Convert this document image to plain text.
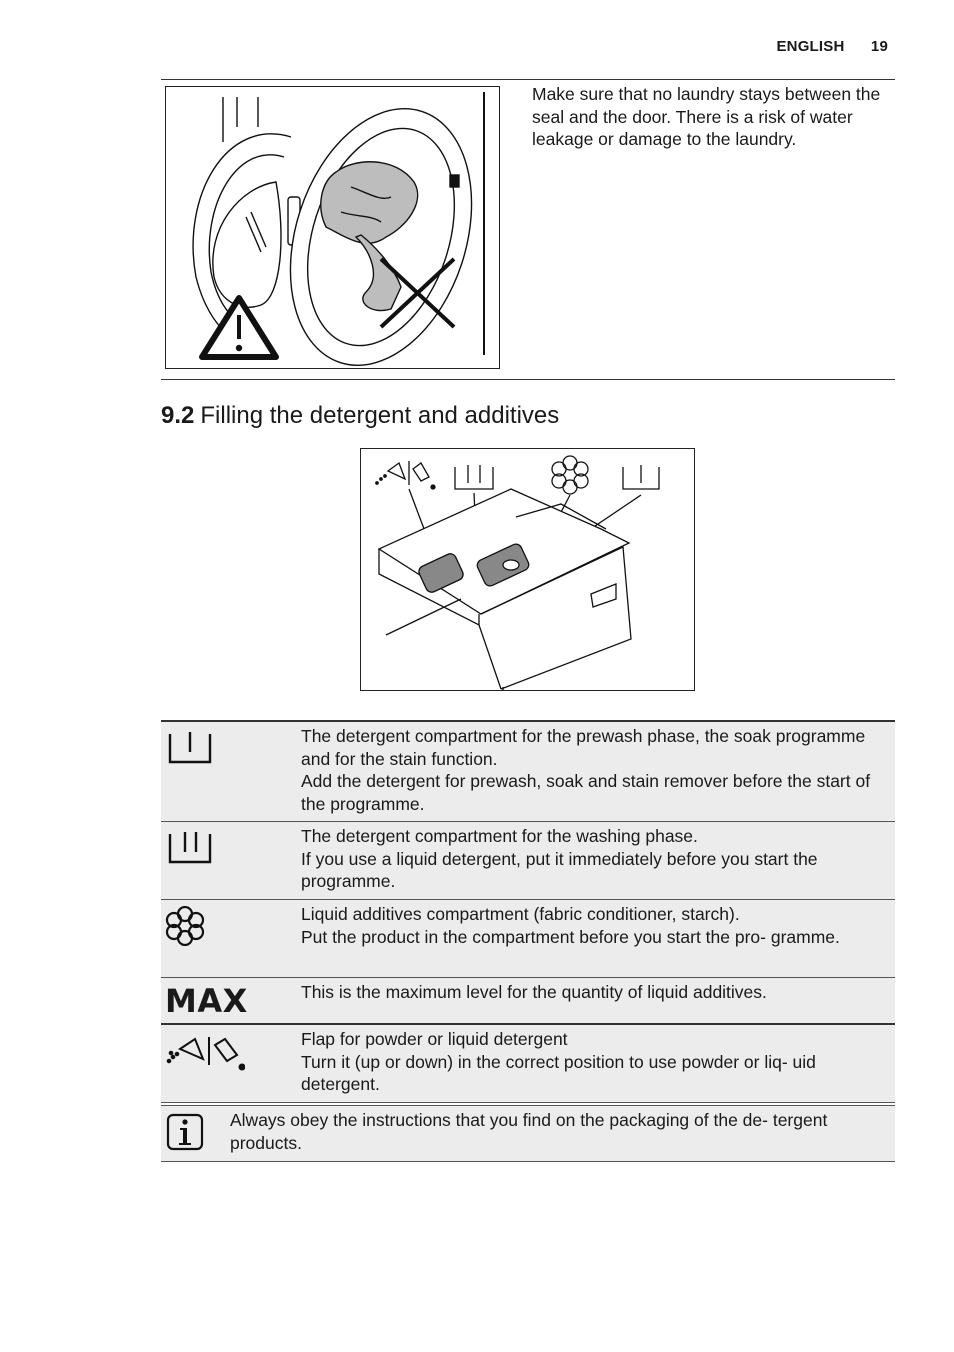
ENGLISH 19
Make sure that no laundry stays between the seal and the door. There is a risk of water leakage or damage to the laundry.
9.2 Filling the detergent and additives
The detergent compartment for the prewash phase, the soak programme and for the stain function.
Add the detergent for prewash, soak and stain remover before the start of the programme.
The detergent compartment for the washing phase.
If you use a liquid detergent, put it immediately before you start the programme.
Liquid additives compartment (fabric conditioner, starch).
Put the product in the compartment before you start the pro- gramme.
MAX	This is the maximum level for the quantity of liquid additives.
Flap for powder or liquid detergent
Turn it (up or down) in the correct position to use powder or liq- uid detergent.
Always obey the instructions that you find on the packaging of the de- tergent products.
